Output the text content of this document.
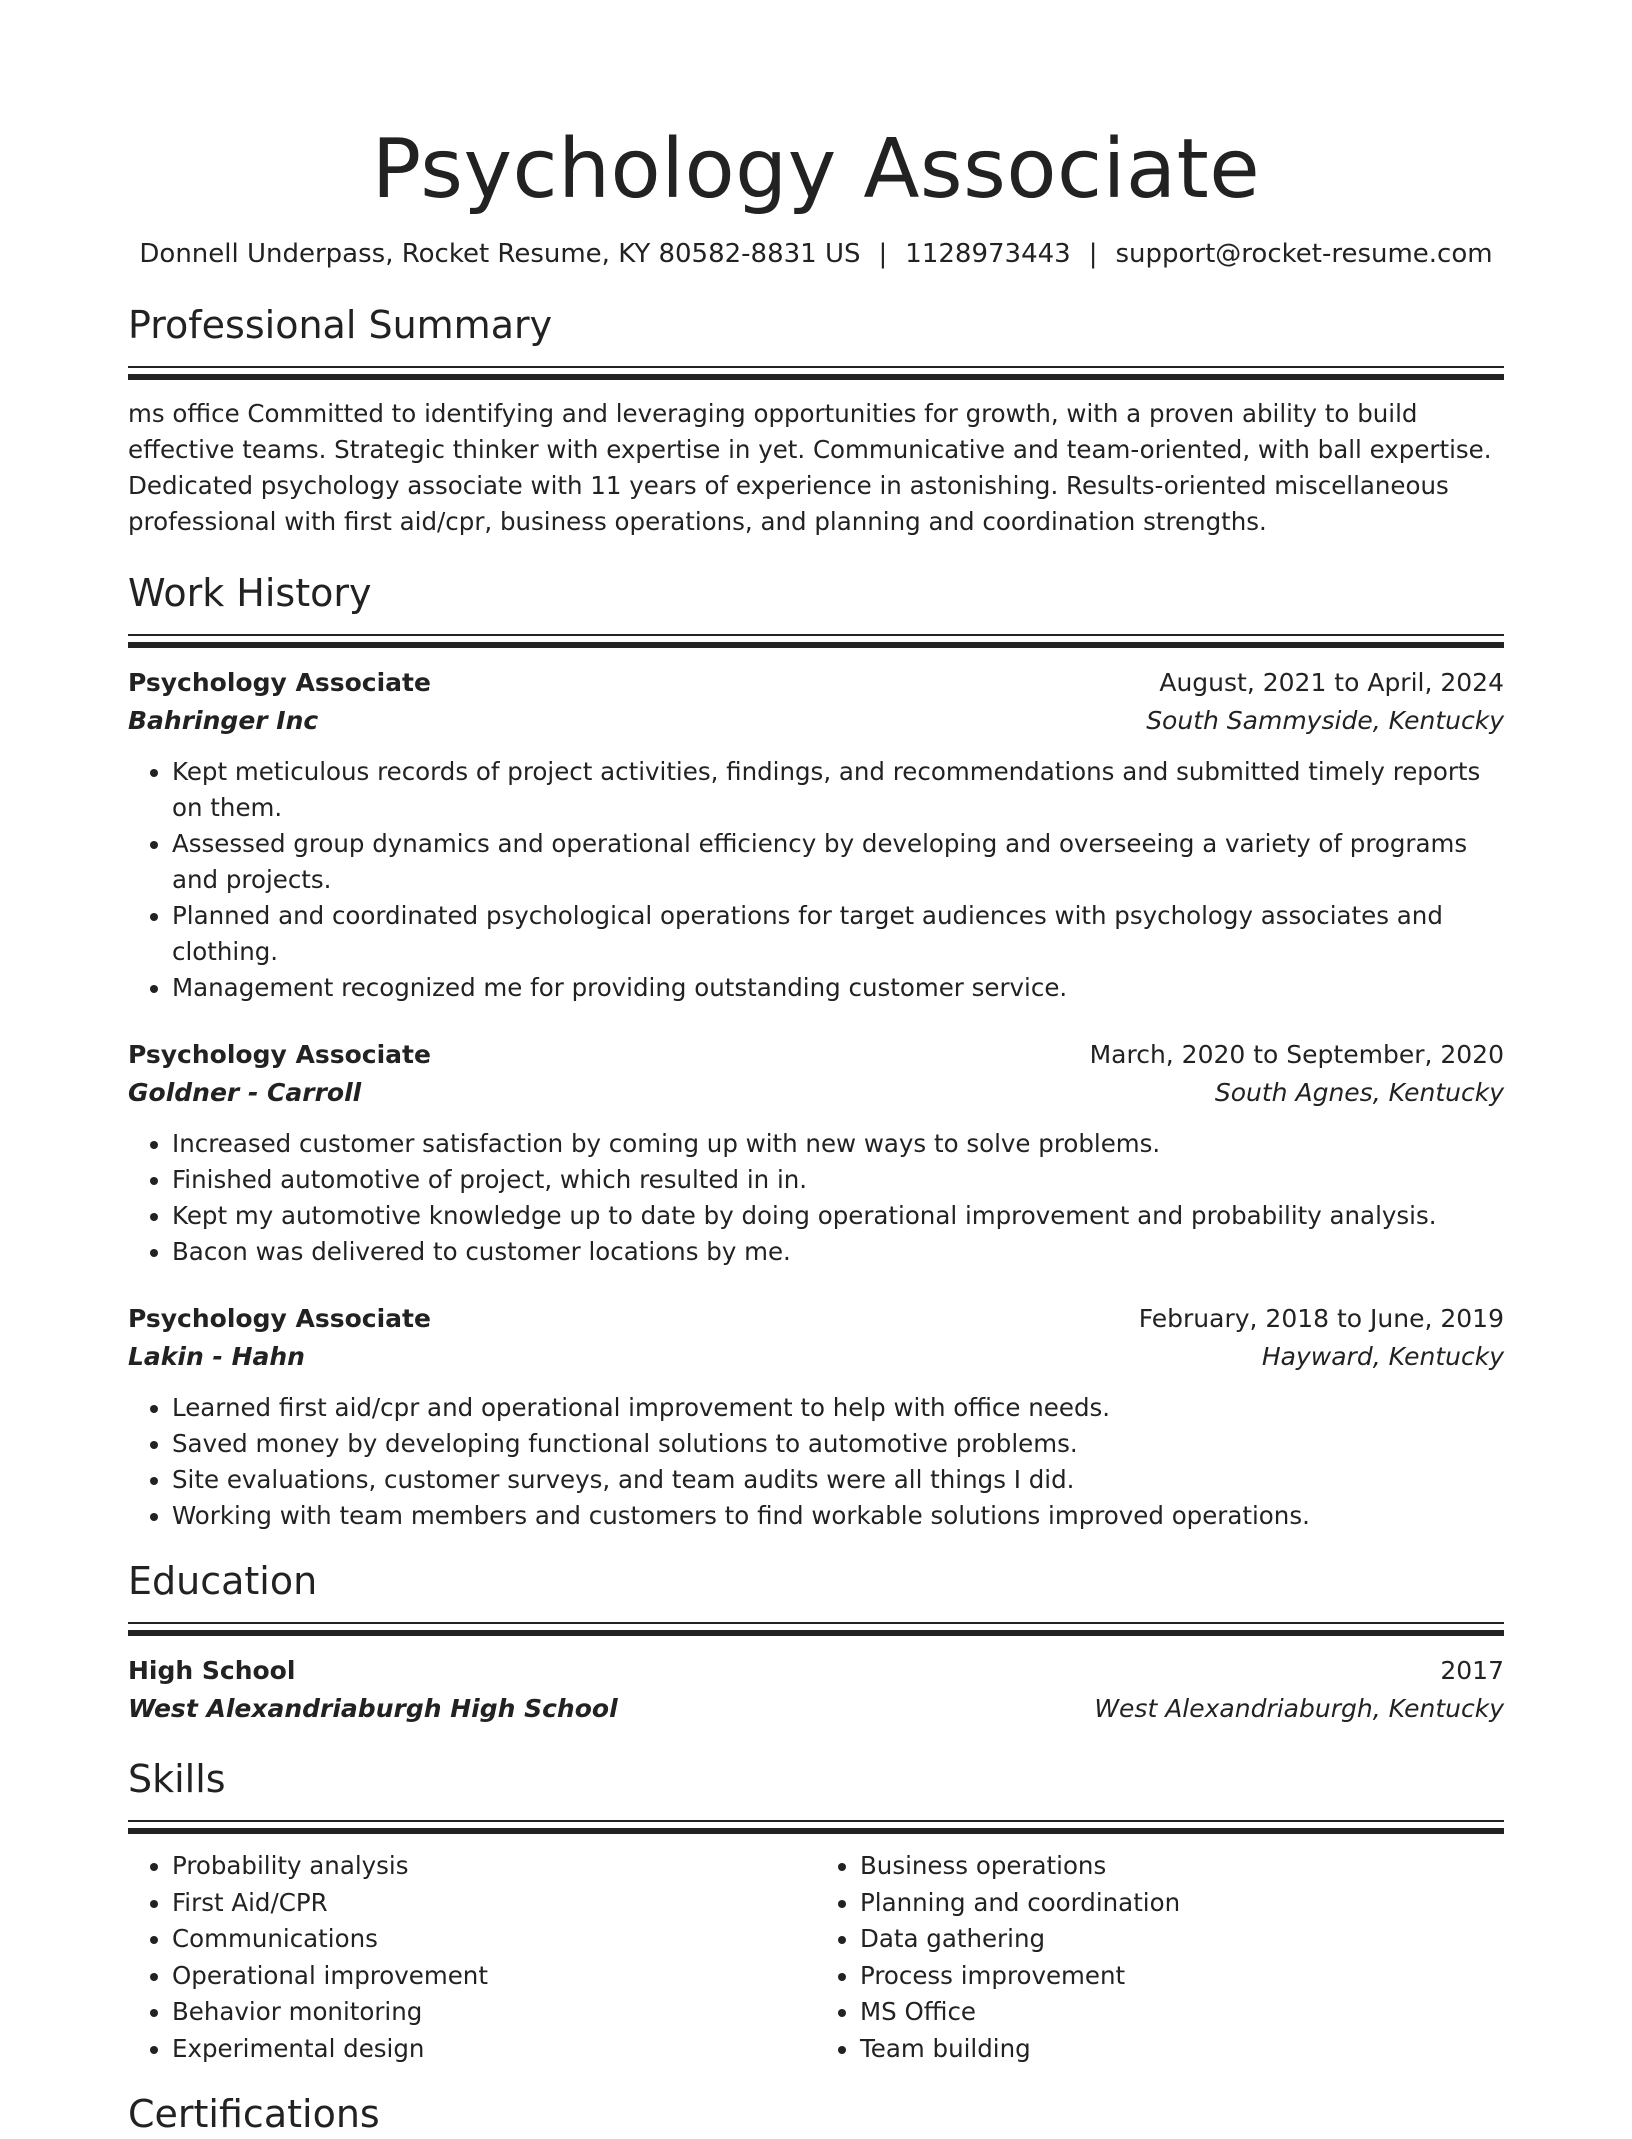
Psychology Associate
Donnell Underpass, Rocket Resume, KY 80582-8831 US | 1128973443 | support@rocket-resume.com
Professional Summary

ms office Committed to identifying and leveraging opportunities for growth, with a proven ability to build effective teams. Strategic thinker with expertise in yet. Communicative and team-oriented, with ball expertise. Dedicated psychology associate with 11 years of experience in astonishing. Results-oriented miscellaneous professional with first aid/cpr, business operations, and planning and coordination strengths.

Work History
Psychology Associate	August, 2021 to April, 2024
Bahringer Inc	South Sammyside, Kentucky
• Kept meticulous records of project activities, findings, and recommendations and submitted timely reports on them.
• Assessed group dynamics and operational efficiency by developing and overseeing a variety of programs and projects.
• Planned and coordinated psychological operations for target audiences with psychology associates and clothing.
• Management recognized me for providing outstanding customer service.
Psychology Associate	March, 2020 to September, 2020
Goldner - Carroll	South Agnes, Kentucky
• Increased customer satisfaction by coming up with new ways to solve problems.
• Finished automotive of project, which resulted in in.
• Kept my automotive knowledge up to date by doing operational improvement and probability analysis.
• Bacon was delivered to customer locations by me.
Psychology Associate	February, 2018 to June, 2019
Lakin - Hahn	Hayward, Kentucky
• Learned first aid/cpr and operational improvement to help with office needs.
• Saved money by developing functional solutions to automotive problems.
• Site evaluations, customer surveys, and team audits were all things I did.
• Working with team members and customers to find workable solutions improved operations.
Education
High School	2017
West Alexandriaburgh High School	West Alexandriaburgh, Kentucky
Skills
• Probability analysis
• First Aid/CPR
• Communications
• Operational improvement
• Behavior monitoring
• Experimental design
• Business operations
• Planning and coordination
• Data gathering
• Process improvement
• MS Office
• Team building
Certifications
